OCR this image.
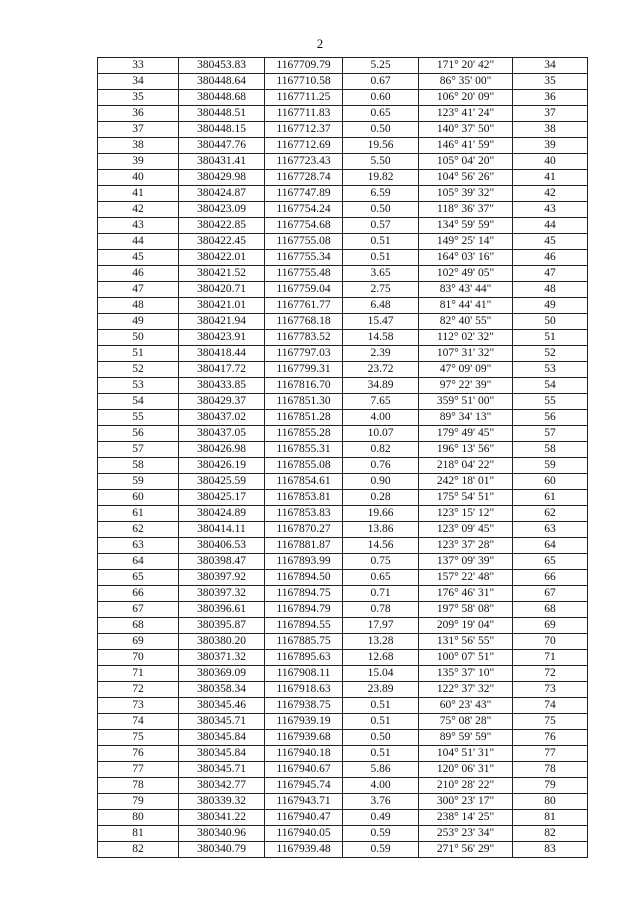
2
33	380453.83	1167709.79	5.25	171° 20' 42"	34
34	380448.64	1167710.58	0.67	86° 35' 00"	35
35	380448.68	1167711.25	0.60	106° 20' 09"	36
36	380448.51	1167711.83	0.65	123° 41' 24"	37
37	380448.15	1167712.37	0.50	140° 37' 50"	38
38	380447.76	1167712.69	19.56	146° 41' 59"	39
39	380431.41	1167723.43	5.50	105° 04' 20"	40
40	380429.98	1167728.74	19.82	104° 56' 26"	41
41	380424.87	1167747.89	6.59	105° 39' 32"	42
42	380423.09	1167754.24	0.50	118° 36' 37"	43
43	380422.85	1167754.68	0.57	134° 59' 59"	44
44	380422.45	1167755.08	0.51	149° 25' 14"	45
45	380422.01	1167755.34	0.51	164° 03' 16"	46
46	380421.52	1167755.48	3.65	102° 49' 05"	47
47	380420.71	1167759.04	2.75	83° 43' 44"	48
48	380421.01	1167761.77	6.48	81° 44' 41"	49
49	380421.94	1167768.18	15.47	82° 40' 55"	50
50	380423.91	1167783.52	14.58	112° 02' 32"	51
51	380418.44	1167797.03	2.39	107° 31' 32"	52
52	380417.72	1167799.31	23.72	47° 09' 09"	53
53	380433.85	1167816.70	34.89	97° 22' 39"	54
54	380429.37	1167851.30	7.65	359° 51' 00"	55
55	380437.02	1167851.28	4.00	89° 34' 13"	56
56	380437.05	1167855.28	10.07	179° 49' 45"	57
57	380426.98	1167855.31	0.82	196° 13' 56"	58
58	380426.19	1167855.08	0.76	218° 04' 22"	59
59	380425.59	1167854.61	0.90	242° 18' 01"	60
60	380425.17	1167853.81	0.28	175° 54' 51"	61
61	380424.89	1167853.83	19.66	123° 15' 12"	62
62	380414.11	1167870.27	13.86	123° 09' 45"	63
63	380406.53	1167881.87	14.56	123° 37' 28"	64
64	380398.47	1167893.99	0.75	137° 09' 39"	65
65	380397.92	1167894.50	0.65	157° 22' 48"	66
66	380397.32	1167894.75	0.71	176° 46' 31"	67
67	380396.61	1167894.79	0.78	197° 58' 08"	68
68	380395.87	1167894.55	17.97	209° 19' 04"	69
69	380380.20	1167885.75	13.28	131° 56' 55"	70
70	380371.32	1167895.63	12.68	100° 07' 51"	71
71	380369.09	1167908.11	15.04	135° 37' 10"	72
72	380358.34	1167918.63	23.89	122° 37' 32"	73
73	380345.46	1167938.75	0.51	60° 23' 43"	74
74	380345.71	1167939.19	0.51	75° 08' 28"	75
75	380345.84	1167939.68	0.50	89° 59' 59"	76
76	380345.84	1167940.18	0.51	104° 51' 31"	77
77	380345.71	1167940.67	5.86	120° 06' 31"	78
78	380342.77	1167945.74	4.00	210° 28' 22"	79
79	380339.32	1167943.71	3.76	300° 23' 17"	80
80	380341.22	1167940.47	0.49	238° 14' 25"	81
81	380340.96	1167940.05	0.59	253° 23' 34"	82
82	380340.79	1167939.48	0.59	271° 56' 29"	83
